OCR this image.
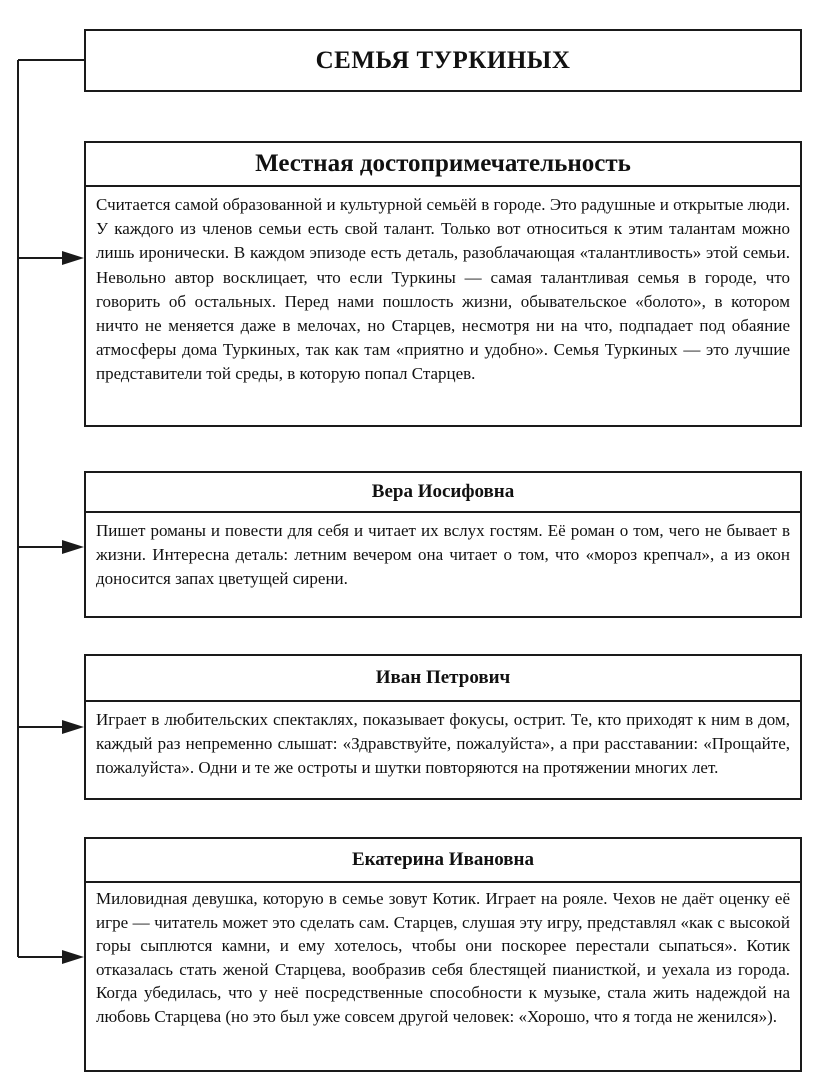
СЕМЬЯ ТУРКИНЫХ
Местная достопримечательность
Считается самой образованной и культурной семьёй в городе. Это радушные и открытые люди. У каждого из членов семьи есть свой талант. Только вот относиться к этим талантам можно лишь иронически. В каждом эпизоде есть деталь, разоблачающая «талантливость» этой семьи. Невольно автор восклицает, что если Туркины — самая талантливая семья в городе, что говорить об остальных. Перед нами пошлость жизни, обывательское «болото», в котором ничто не меняется даже в мелочах, но Старцев, несмотря ни на что, подпадает под обаяние атмосферы дома Туркиных, так как там «приятно и удобно». Семья Туркиных — это лучшие представители той среды, в которую попал Старцев.
Вера Иосифовна
Пишет романы и повести для себя и читает их вслух гостям. Её роман о том, чего не бывает в жизни. Интересна деталь: летним вечером она читает о том, что «мороз крепчал», а из окон доносится запах цветущей сирени.
Иван Петрович
Играет в любительских спектаклях, показывает фокусы, острит. Те, кто приходят к ним в дом, каждый раз непременно слышат: «Здравствуйте, пожалуйста», а при расставании: «Прощайте, пожалуйста». Одни и те же остроты и шутки повторяются на протяжении многих лет.
Екатерина Ивановна
Миловидная девушка, которую в семье зовут Котик. Играет на рояле. Чехов не даёт оценку её игре — читатель может это сделать сам. Старцев, слушая эту игру, представлял «как с высокой горы сыплются камни, и ему хотелось, чтобы они поскорее перестали сыпаться». Котик отказалась стать женой Старцева, вообразив себя блестящей пианисткой, и уехала из города. Когда убедилась, что у неё посредственные способности к музыке, стала жить надеждой на любовь Старцева (но это был уже совсем другой человек: «Хорошо, что я тогда не женился»).
